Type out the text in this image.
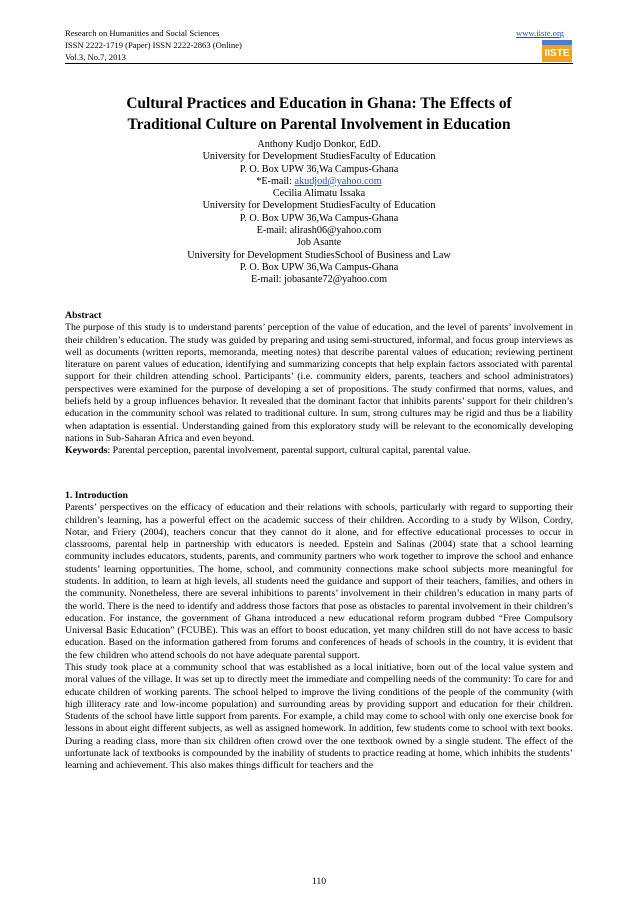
Research on Humanities and Social Sciences
ISSN 2222-1719 (Paper) ISSN 2222-2863 (Online)
Vol.3, No.7, 2013
www.iiste.org
IISTE
Cultural Practices and Education in Ghana: The Effects of
Traditional Culture on Parental Involvement in Education
Anthony Kudjo Donkor, EdD.
University for Development StudiesFaculty of Education
P. O. Box UPW 36,Wa Campus-Ghana
*E-mail: akudjod@yahoo.com
Cecilia Alimatu Issaka
University for Development StudiesFaculty of Education
P. O. Box UPW 36,Wa Campus-Ghana
E-mail: alirash06@yahoo.com
Job Asante
University for Development StudiesSchool of Business and Law
P. O. Box UPW 36,Wa Campus-Ghana
E-mail: jobasante72@yahoo.com

Abstract

The purpose of this study is to understand parents’ perception of the value of education, and the level of parents’ involvement in their children’s education. The study was guided by preparing and using semi-structured, informal, and focus group interviews as well as documents (written reports, memoranda, meeting notes) that describe parental values of education; reviewing pertinent literature on parent values of education, identifying and summarizing concepts that help explain factors associated with parental support for their children attending school. Participants’ (i.e. community elders, parents, teachers and school administrators) perspectives were examined for the purpose of developing a set of propositions. The study confirmed that norms, values, and beliefs held by a group influences behavior. It revealed that the dominant factor that inhibits parents’ support for their children’s education in the community school was related to traditional culture. In sum, strong cultures may be rigid and thus be a liability when adaptation is essential. Understanding gained from this exploratory study will be relevant to the economically developing nations in Sub-Saharan Africa and even beyond.

Keywords: Parental perception, parental involvement, parental support, cultural capital, parental value.

1. Introduction

Parents’ perspectives on the efficacy of education and their relations with schools, particularly with regard to supporting their children’s learning, has a powerful effect on the academic success of their children. According to a study by Wilson, Cordry, Notar, and Friery (2004), teachers concur that they cannot do it alone, and for effective educational processes to occur in classrooms, parental help in partnership with educators is needed. Epstein and Salinas (2004) state that a school learning community includes educators, students, parents, and community partners who work together to improve the school and enhance students’ learning opportunities. The home, school, and community connections make school subjects more meaningful for students. In addition, to learn at high levels, all students need the guidance and support of their teachers, families, and others in the community. Nonetheless, there are several inhibitions to parents’ involvement in their children’s education in many parts of the world. There is the need to identify and address those factors that pose as obstacles to parental involvement in their children’s education. For instance, the government of Ghana introduced a new educational reform program dubbed “Free Compulsory Universal Basic Education” (FCUBE). This was an effort to boost education, yet many children still do not have access to basic education. Based on the information gathered from forums and conferences of heads of schools in the country, it is evident that the few children who attend schools do not have adequate parental support.

This study took place at a community school that was established as a local initiative, born out of the local value system and moral values of the village. It was set up to directly meet the immediate and compelling needs of the community: To care for and educate children of working parents. The school helped to improve the living conditions of the people of the community (with high illiteracy rate and low-income population) and surrounding areas by providing support and education for their children. Students of the school have little support from parents. For example, a child may come to school with only one exercise book for lessons in about eight different subjects, as well as assigned homework. In addition, few students come to school with text books. During a reading class, more than six children often crowd over the one textbook owned by a single student. The effect of the unfortunate lack of textbooks is compounded by the inability of students to practice reading at home, which inhibits the students’ learning and achievement. This also makes things difficult for teachers and the

110
